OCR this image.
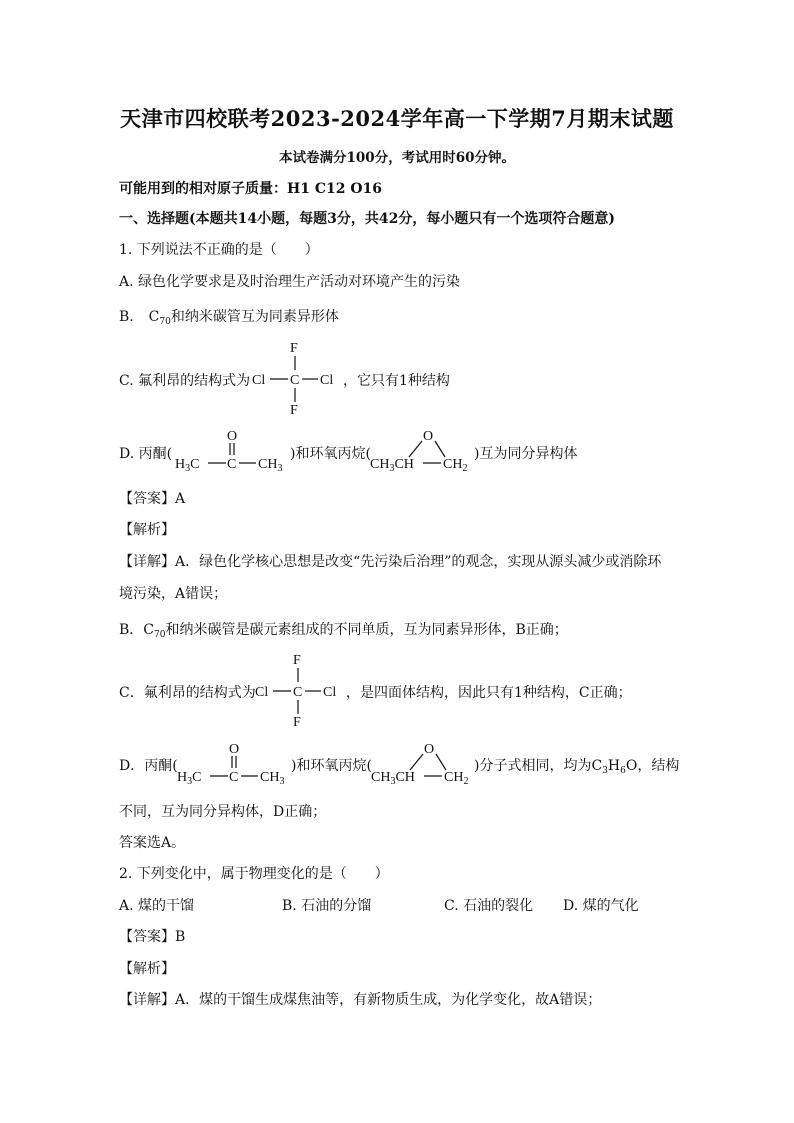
天津市四校联考2023-2024学年高一下学期7月期末试题
本试卷满分100分，考试用时60分钟。
可能用到的相对原子质量：H1 C12 O16
一、选择题(本题共14小题，每题3分，共42分，每小题只有一个选项符合题意)
1. 下列说法不正确的是（　　）
A. 绿色化学要求是及时治理生产活动对环境产生的污染
B. $C_{70}$和纳米碳管互为同素异形体
C. 氟利昂的结构式为
F
Cl C Cl
F
，它只有1种结构
D. 丙酮(
O
H3C C CH3
)和环氧丙烷(
O
CH3CH CH2
)互为同分异构体
【答案】A
【解析】
【详解】A．绿色化学核心思想是改变“先污染后治理”的观念，实现从源头减少或消除环
境污染，A错误；
B．$C_{70}$和纳米碳管是碳元素组成的不同单质，互为同素异形体，B正确；
C．氟利昂的结构式为
F
Cl C Cl
F
，是四面体结构，因此只有1种结构，C正确；
D．丙酮(
O
H3C C CH3
)和环氧丙烷(
O
CH3CH CH2
)分子式相同，均为$C_3H_6O$，结构
不同，互为同分异构体，D正确；
答案选A。
2. 下列变化中，属于物理变化的是（　　）
A. 煤的干馏	B. 石油的分馏	C. 石油的裂化 D. 煤的气化
【答案】B
【解析】
【详解】A．煤的干馏生成煤焦油等，有新物质生成，为化学变化，故A错误；
